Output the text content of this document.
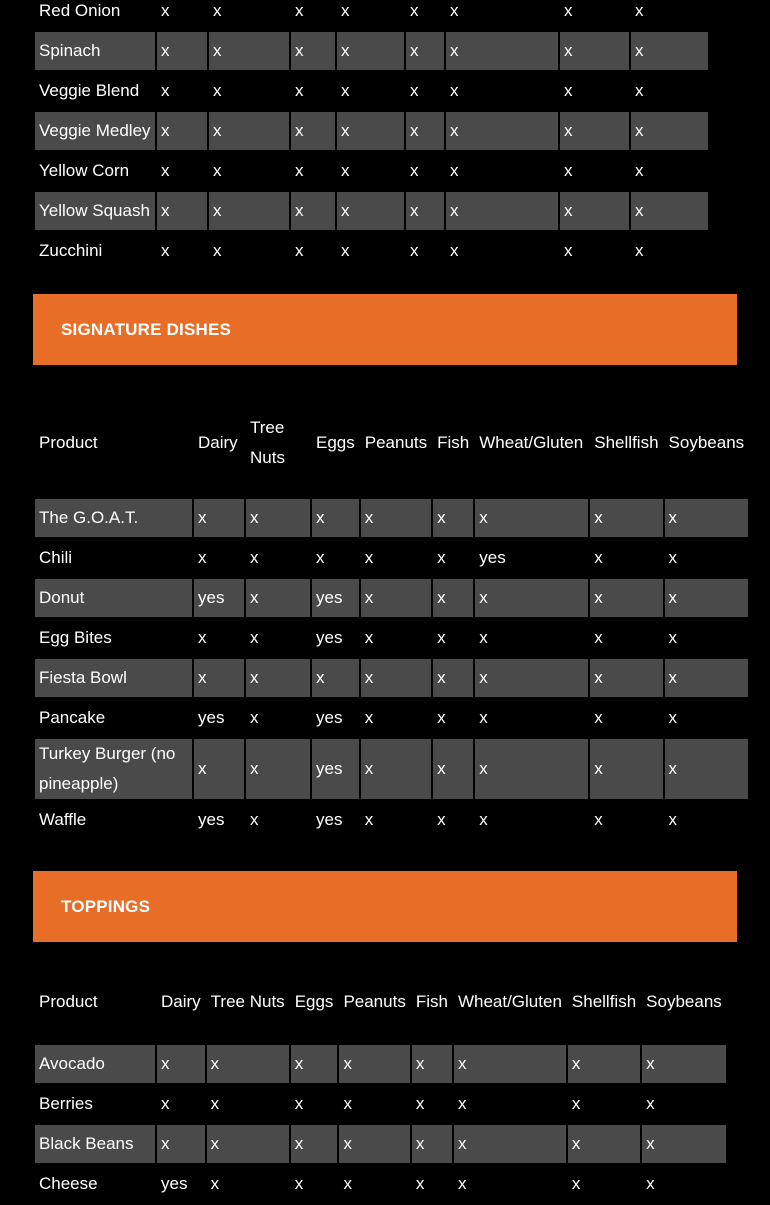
Red Onion	x	x	x	x	x	x	x	x
Spinach	x	x	x	x	x	x	x	x
Veggie Blend	x	x	x	x	x	x	x	x
Veggie Medley	x	x	x	x	x	x	x	x
Yellow Corn	x	x	x	x	x	x	x	x
Yellow Squash	x	x	x	x	x	x	x	x
Zucchini	x	x	x	x	x	x	x	x
SIGNATURE DISHES
Product	Dairy	Tree Nuts	Eggs	Peanuts	Fish	Wheat/Gluten	Shellfish	Soybeans

The G.O.A.T.	x	x	x	x	x	x	x	x
Chili	x	x	x	x	x	yes	x	x
Donut	yes	x	yes	x	x	x	x	x
Egg Bites	x	x	yes	x	x	x	x	x
Fiesta Bowl	x	x	x	x	x	x	x	x
Pancake	yes	x	yes	x	x	x	x	x
Turkey Burger (no pineapple)	x	x	yes	x	x	x	x	x
Waffle	yes	x	yes	x	x	x	x	x
TOPPINGS
Product	Dairy	Tree Nuts	Eggs	Peanuts	Fish	Wheat/Gluten	Shellfish	Soybeans

Avocado	x	x	x	x	x	x	x	x
Berries	x	x	x	x	x	x	x	x
Black Beans	x	x	x	x	x	x	x	x
Cheese	yes	x	x	x	x	x	x	x
